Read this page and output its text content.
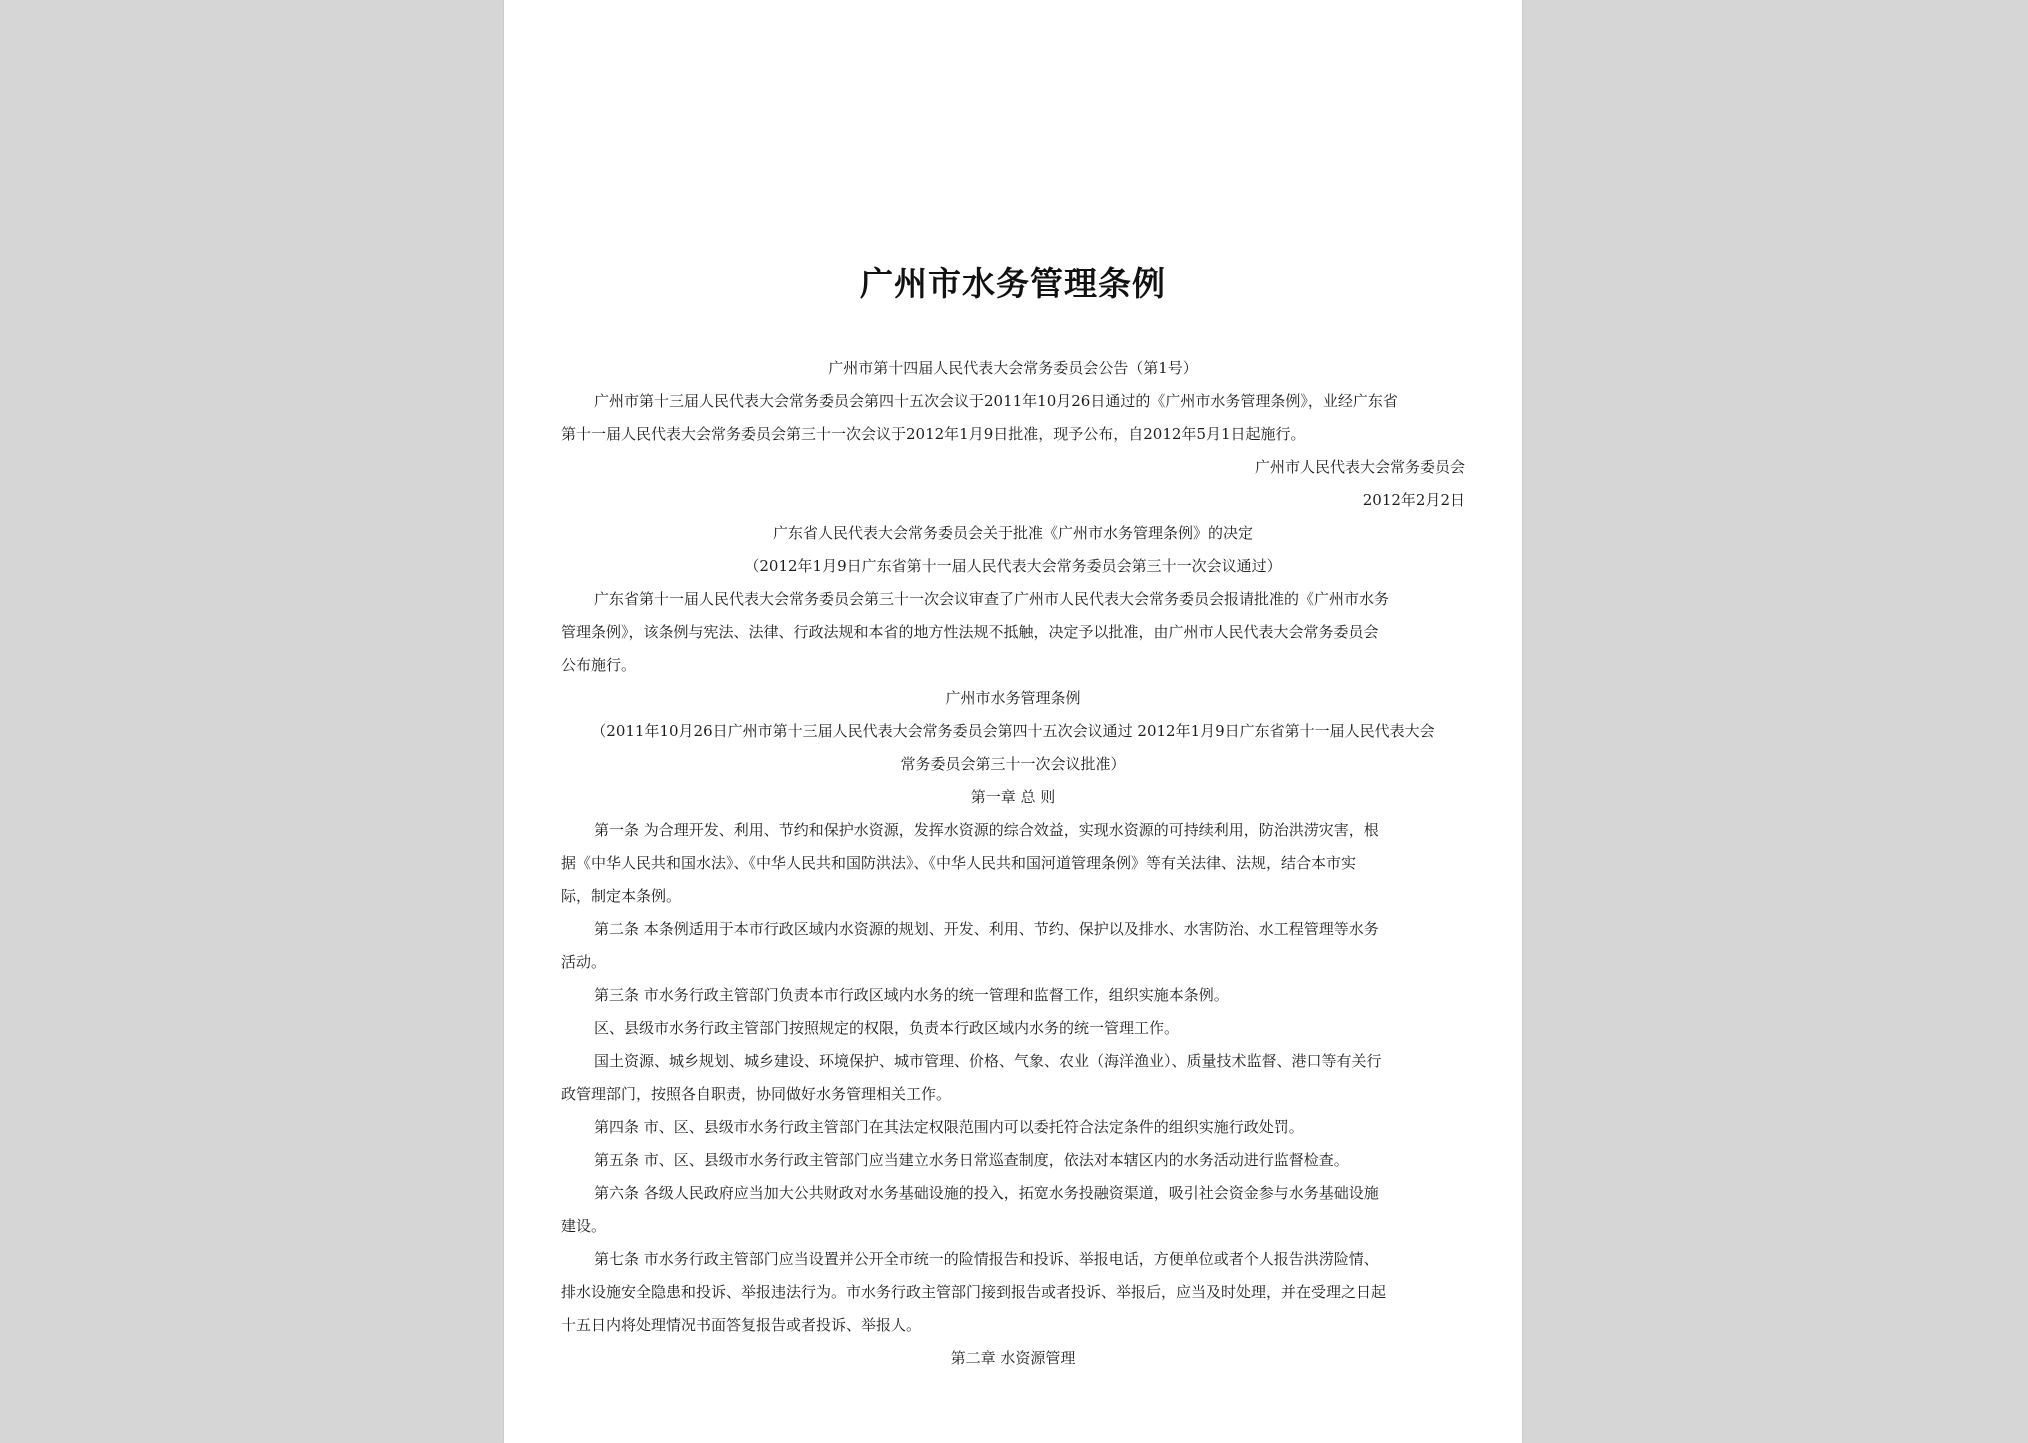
广州市水务管理条例
广州市第十四届人民代表大会常务委员会公告（第1号）
广州市第十三届人民代表大会常务委员会第四十五次会议于2011年10月26日通过的《广州市水务管理条例》，业经广东省
第十一届人民代表大会常务委员会第三十一次会议于2012年1月9日批准，现予公布，自2012年5月1日起施行。
广州市人民代表大会常务委员会
2012年2月2日
广东省人民代表大会常务委员会关于批准《广州市水务管理条例》的决定
（2012年1月9日广东省第十一届人民代表大会常务委员会第三十一次会议通过）
广东省第十一届人民代表大会常务委员会第三十一次会议审查了广州市人民代表大会常务委员会报请批准的《广州市水务
管理条例》，该条例与宪法、法律、行政法规和本省的地方性法规不抵触，决定予以批准，由广州市人民代表大会常务委员会
公布施行。
广州市水务管理条例
（2011年10月26日广州市第十三届人民代表大会常务委员会第四十五次会议通过 2012年1月9日广东省第十一届人民代表大会
常务委员会第三十一次会议批准）
第一章 总 则
第一条 为合理开发、利用、节约和保护水资源，发挥水资源的综合效益，实现水资源的可持续利用，防治洪涝灾害，根
据《中华人民共和国水法》、《中华人民共和国防洪法》、《中华人民共和国河道管理条例》等有关法律、法规，结合本市实
际，制定本条例。
第二条 本条例适用于本市行政区域内水资源的规划、开发、利用、节约、保护以及排水、水害防治、水工程管理等水务
活动。
第三条 市水务行政主管部门负责本市行政区域内水务的统一管理和监督工作，组织实施本条例。
区、县级市水务行政主管部门按照规定的权限，负责本行政区域内水务的统一管理工作。
国土资源、城乡规划、城乡建设、环境保护、城市管理、价格、气象、农业（海洋渔业）、质量技术监督、港口等有关行
政管理部门，按照各自职责，协同做好水务管理相关工作。
第四条 市、区、县级市水务行政主管部门在其法定权限范围内可以委托符合法定条件的组织实施行政处罚。
第五条 市、区、县级市水务行政主管部门应当建立水务日常巡查制度，依法对本辖区内的水务活动进行监督检查。
第六条 各级人民政府应当加大公共财政对水务基础设施的投入，拓宽水务投融资渠道，吸引社会资金参与水务基础设施
建设。
第七条 市水务行政主管部门应当设置并公开全市统一的险情报告和投诉、举报电话，方便单位或者个人报告洪涝险情、
排水设施安全隐患和投诉、举报违法行为。市水务行政主管部门接到报告或者投诉、举报后，应当及时处理，并在受理之日起
十五日内将处理情况书面答复报告或者投诉、举报人。
第二章 水资源管理
